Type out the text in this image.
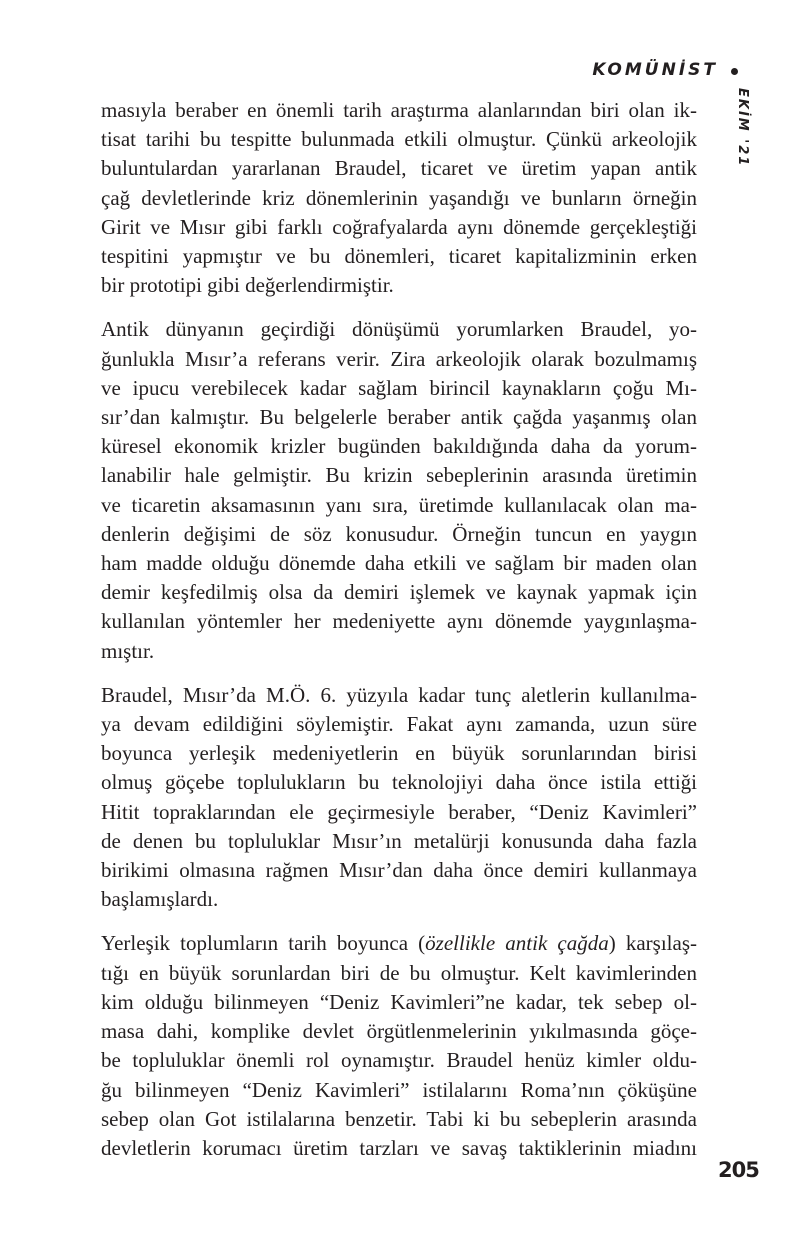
KOMÜNİST
EKİM '21

masıyla beraber en önemli tarih araştırma alanlarından biri olan ik-
tisat tarihi bu tespitte bulunmada etkili olmuştur. Çünkü arkeolojik
buluntulardan yararlanan Braudel, ticaret ve üretim yapan antik
çağ devletlerinde kriz dönemlerinin yaşandığı ve bunların örneğin
Girit ve Mısır gibi farklı coğrafyalarda aynı dönemde gerçekleştiği
tespitini yapmıştır ve bu dönemleri, ticaret kapitalizminin erken
bir prototipi gibi değerlendirmiştir.

Antik dünyanın geçirdiği dönüşümü yorumlarken Braudel, yo-
ğunlukla Mısır’a referans verir. Zira arkeolojik olarak bozulmamış
ve ipucu verebilecek kadar sağlam birincil kaynakların çoğu Mı-
sır’dan kalmıştır. Bu belgelerle beraber antik çağda yaşanmış olan
küresel ekonomik krizler bugünden bakıldığında daha da yorum-
lanabilir hale gelmiştir. Bu krizin sebeplerinin arasında üretimin
ve ticaretin aksamasının yanı sıra, üretimde kullanılacak olan ma-
denlerin değişimi de söz konusudur. Örneğin tuncun en yaygın
ham madde olduğu dönemde daha etkili ve sağlam bir maden olan
demir keşfedilmiş olsa da demiri işlemek ve kaynak yapmak için
kullanılan yöntemler her medeniyette aynı dönemde yaygınlaşma-
mıştır.

Braudel, Mısır’da M.Ö. 6. yüzyıla kadar tunç aletlerin kullanılma-
ya devam edildiğini söylemiştir. Fakat aynı zamanda, uzun süre
boyunca yerleşik medeniyetlerin en büyük sorunlarından birisi
olmuş göçebe toplulukların bu teknolojiyi daha önce istila ettiği
Hitit topraklarından ele geçirmesiyle beraber, “Deniz Kavimleri”
de denen bu topluluklar Mısır’ın metalürji konusunda daha fazla
birikimi olmasına rağmen Mısır’dan daha önce demiri kullanmaya
başlamışlardı.

Yerleşik toplumların tarih boyunca (özellikle antik çağda) karşılaş-
tığı en büyük sorunlardan biri de bu olmuştur. Kelt kavimlerinden
kim olduğu bilinmeyen “Deniz Kavimleri”ne kadar, tek sebep ol-
masa dahi, komplike devlet örgütlenmelerinin yıkılmasında göçe-
be topluluklar önemli rol oynamıştır. Braudel henüz kimler oldu-
ğu bilinmeyen “Deniz Kavimleri” istilalarını Roma’nın çöküşüne
sebep olan Got istilalarına benzetir. Tabi ki bu sebeplerin arasında
devletlerin korumacı üretim tarzları ve savaş taktiklerinin miadını

205
